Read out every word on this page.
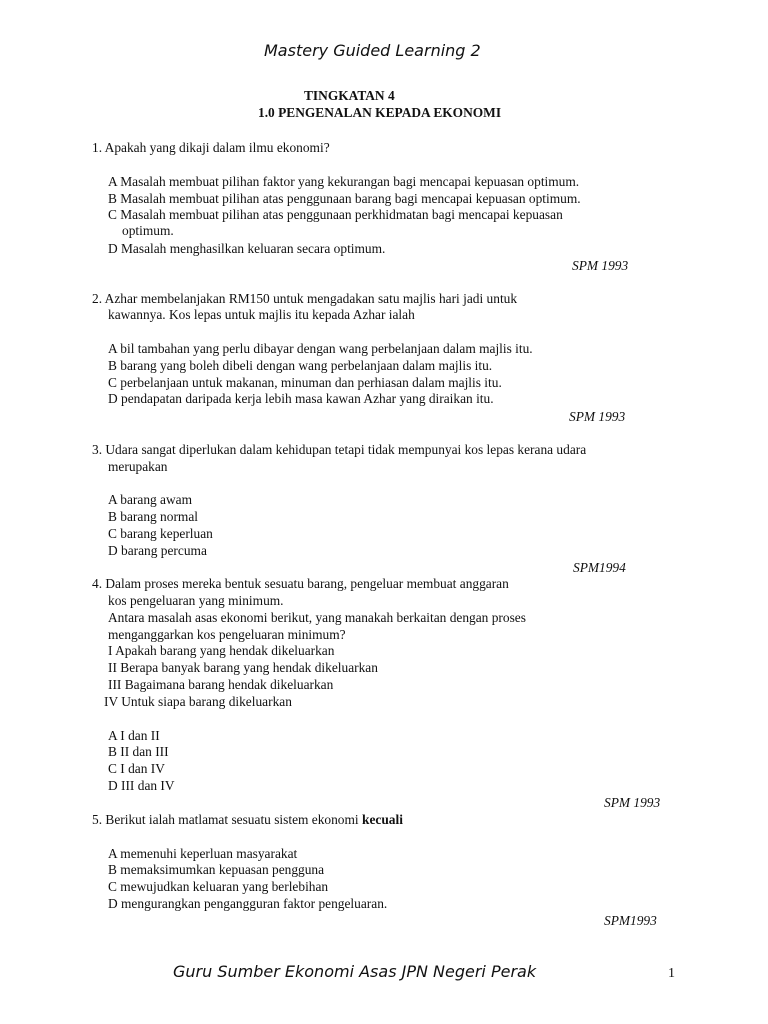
Mastery Guided Learning 2
TINGKATAN 4
1.0 PENGENALAN KEPADA EKONOMI
1. Apakah yang dikaji dalam ilmu ekonomi?
A Masalah membuat pilihan faktor yang kekurangan bagi mencapai kepuasan optimum.
B Masalah membuat pilihan atas penggunaan barang bagi mencapai kepuasan optimum.
C Masalah membuat pilihan atas penggunaan perkhidmatan bagi mencapai kepuasan
optimum.
D Masalah menghasilkan keluaran secara optimum.
SPM 1993
2. Azhar membelanjakan RM150 untuk mengadakan satu majlis hari jadi untuk
kawannya. Kos lepas untuk majlis itu kepada Azhar ialah
A bil tambahan yang perlu dibayar dengan wang perbelanjaan dalam majlis itu.
B barang yang boleh dibeli dengan wang perbelanjaan dalam majlis itu.
C perbelanjaan untuk makanan, minuman dan perhiasan dalam majlis itu.
D pendapatan daripada kerja lebih masa kawan Azhar yang diraikan itu.
SPM 1993
3. Udara sangat diperlukan dalam kehidupan tetapi tidak mempunyai kos lepas kerana udara
merupakan
A barang awam
B barang normal
C barang keperluan
D barang percuma
SPM1994
4. Dalam proses mereka bentuk sesuatu barang, pengeluar membuat anggaran
kos pengeluaran yang minimum.
Antara masalah asas ekonomi berikut, yang manakah berkaitan dengan proses
menganggarkan kos pengeluaran minimum?
I Apakah barang yang hendak dikeluarkan
II Berapa banyak barang yang hendak dikeluarkan
III Bagaimana barang hendak dikeluarkan
IV Untuk siapa barang dikeluarkan
A I dan II
B II dan III
C I dan IV
D III dan IV
SPM 1993
5. Berikut ialah matlamat sesuatu sistem ekonomi kecuali
A memenuhi keperluan masyarakat
B memaksimumkan kepuasan pengguna
C mewujudkan keluaran yang berlebihan
D mengurangkan pengangguran faktor pengeluaran.
SPM1993
Guru Sumber Ekonomi Asas JPN Negeri Perak	1
